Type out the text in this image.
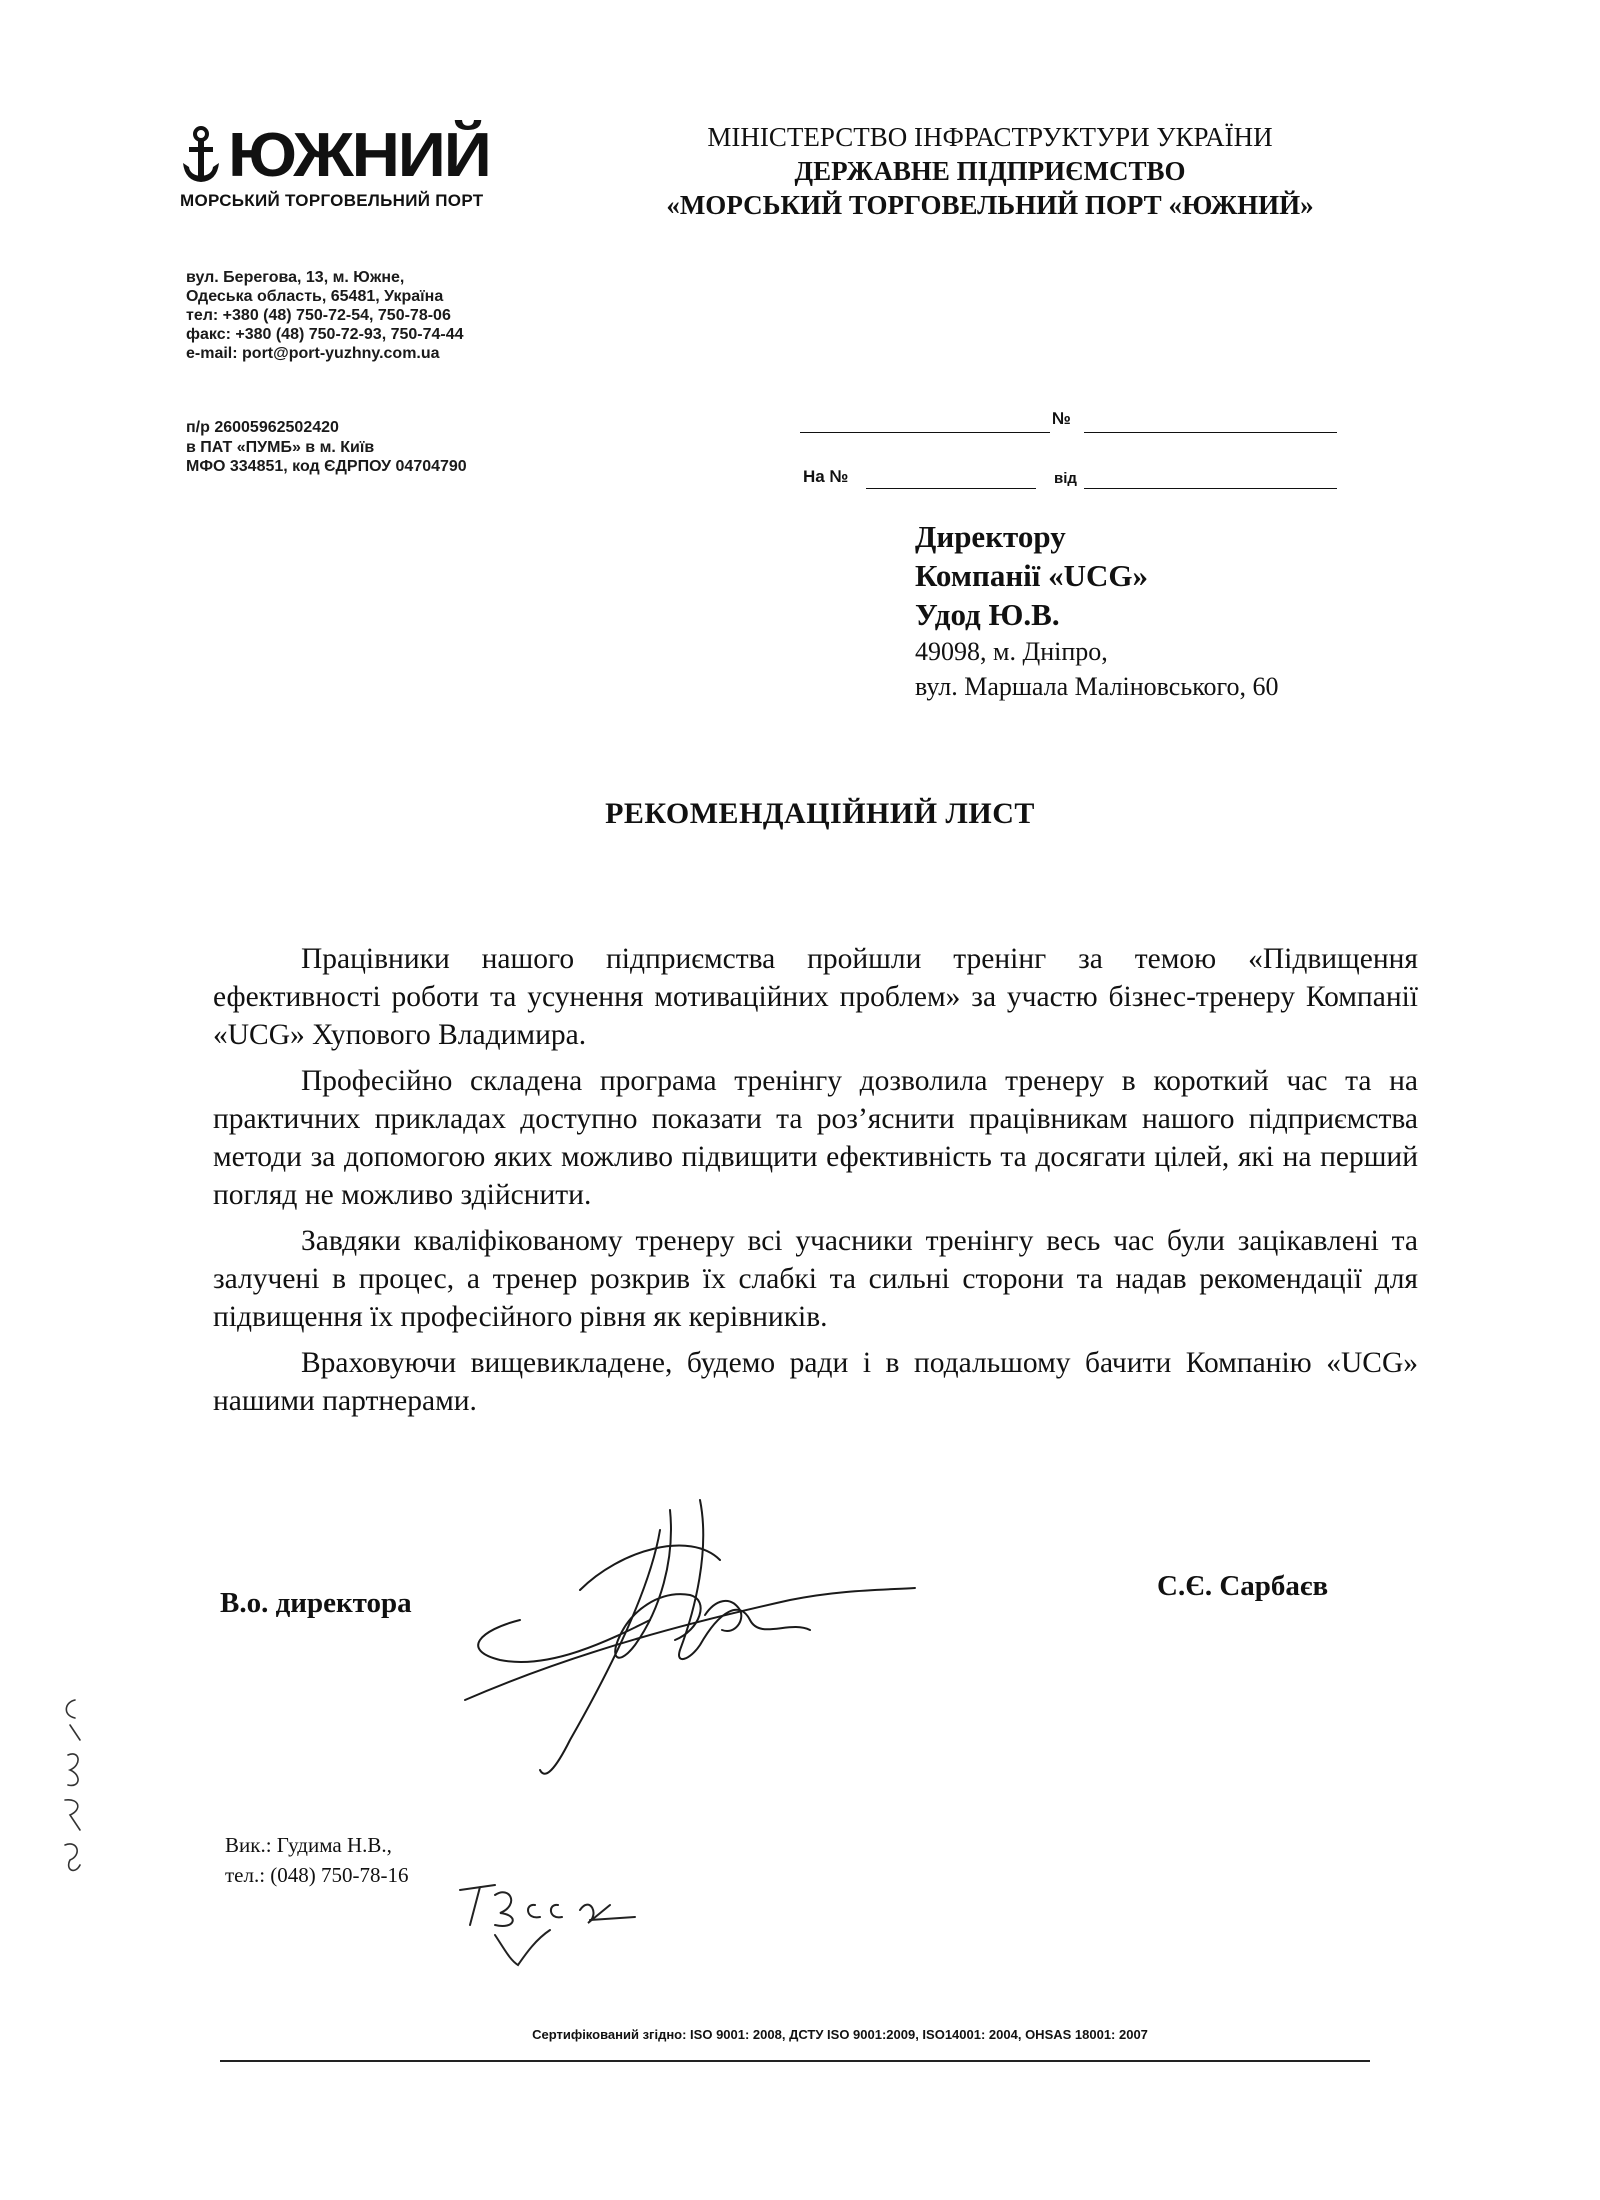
ЮЖНИЙ
МОРСЬКИЙ ТОРГОВЕЛЬНИЙ ПОРТ
МІНІСТЕРСТВО ІНФРАСТРУКТУРИ УКРАЇНИ
ДЕРЖАВНЕ ПІДПРИЄМСТВО
«МОРСЬКИЙ ТОРГОВЕЛЬНИЙ ПОРТ «ЮЖНИЙ»
вул. Берегова, 13, м. Южне,
Одеська область, 65481, Україна
тел: +380 (48) 750-72-54, 750-78-06
факс: +380 (48) 750-72-93, 750-74-44
e-mail: port@port-yuzhny.com.ua
п/р 26005962502420
в ПАТ «ПУМБ» в м. Київ
МФО 334851, код ЄДРПОУ 04704790
№
На №	від
Директору
Компанії «UCG»
Удод Ю.В.
49098, м. Дніпро,
вул. Маршала Маліновського, 60
РЕКОМЕНДАЦІЙНИЙ ЛИСТ

Працівники нашого підприємства пройшли тренінг за темою «Підвищення ефективності роботи та усунення мотиваційних проблем» за участю бізнес-тренеру Компанії «UCG» Хупового Владимира.

Професійно складена програма тренінгу дозволила тренеру в короткий час та на практичних прикладах доступно показати та роз’яснити працівникам нашого підприємства методи за допомогою яких можливо підвищити ефективність та досягати цілей, які на перший погляд не можливо здійснити.

Завдяки кваліфікованому тренеру всі учасники тренінгу весь час були зацікавлені та залучені в процес, а тренер розкрив їх слабкі та сильні сторони та надав рекомендації для підвищення їх професійного рівня як керівників.

Враховуючи вищевикладене, будемо ради і в подальшому бачити Компанію «UCG» нашими партнерами.

В.о. директора
С.Є. Сарбаєв
Вик.: Гудима Н.В.,
тел.: (048) 750-78-16
Сертифікований згідно: ISO 9001: 2008, ДСТУ ISO 9001:2009, ISO14001: 2004, OHSAS 18001: 2007
